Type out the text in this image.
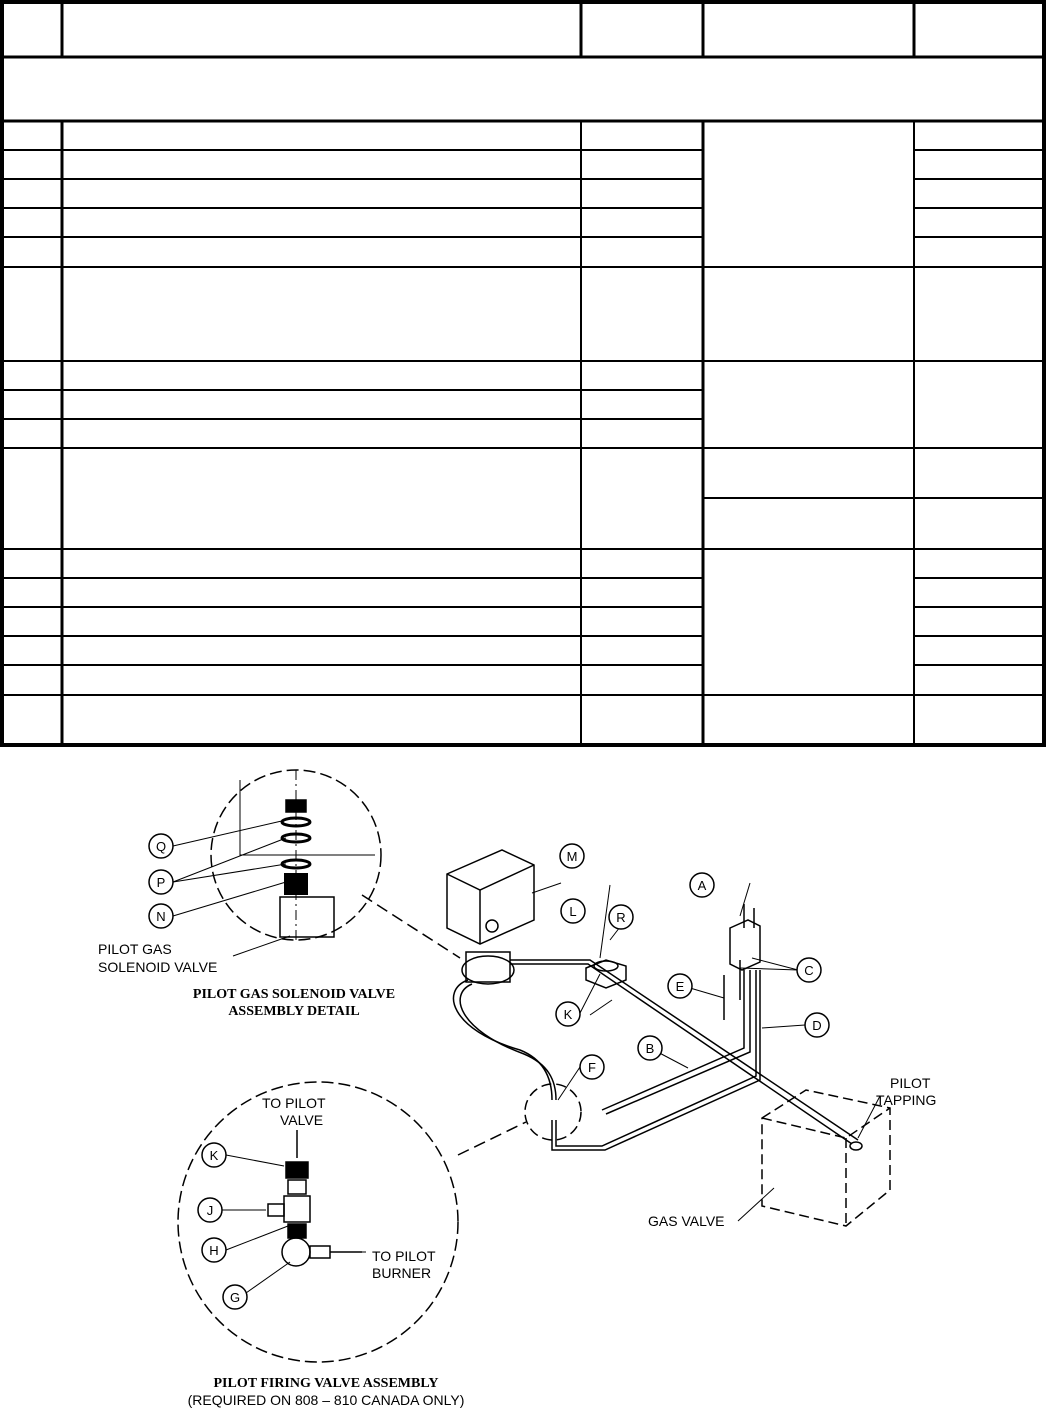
Q
P
N
M
L	R
K
A
C
E
D
B
F
K
J
H
G
PILOT GAS
SOLENOID VALVE
TO PILOT
VALVE
TO PILOT
BURNER
PILOT
TAPPING
GAS VALVE
PILOT GAS SOLENOID VALVE
ASSEMBLY DETAIL
PILOT FIRING VALVE ASSEMBLY
(REQUIRED ON 808 – 810 CANADA ONLY)
